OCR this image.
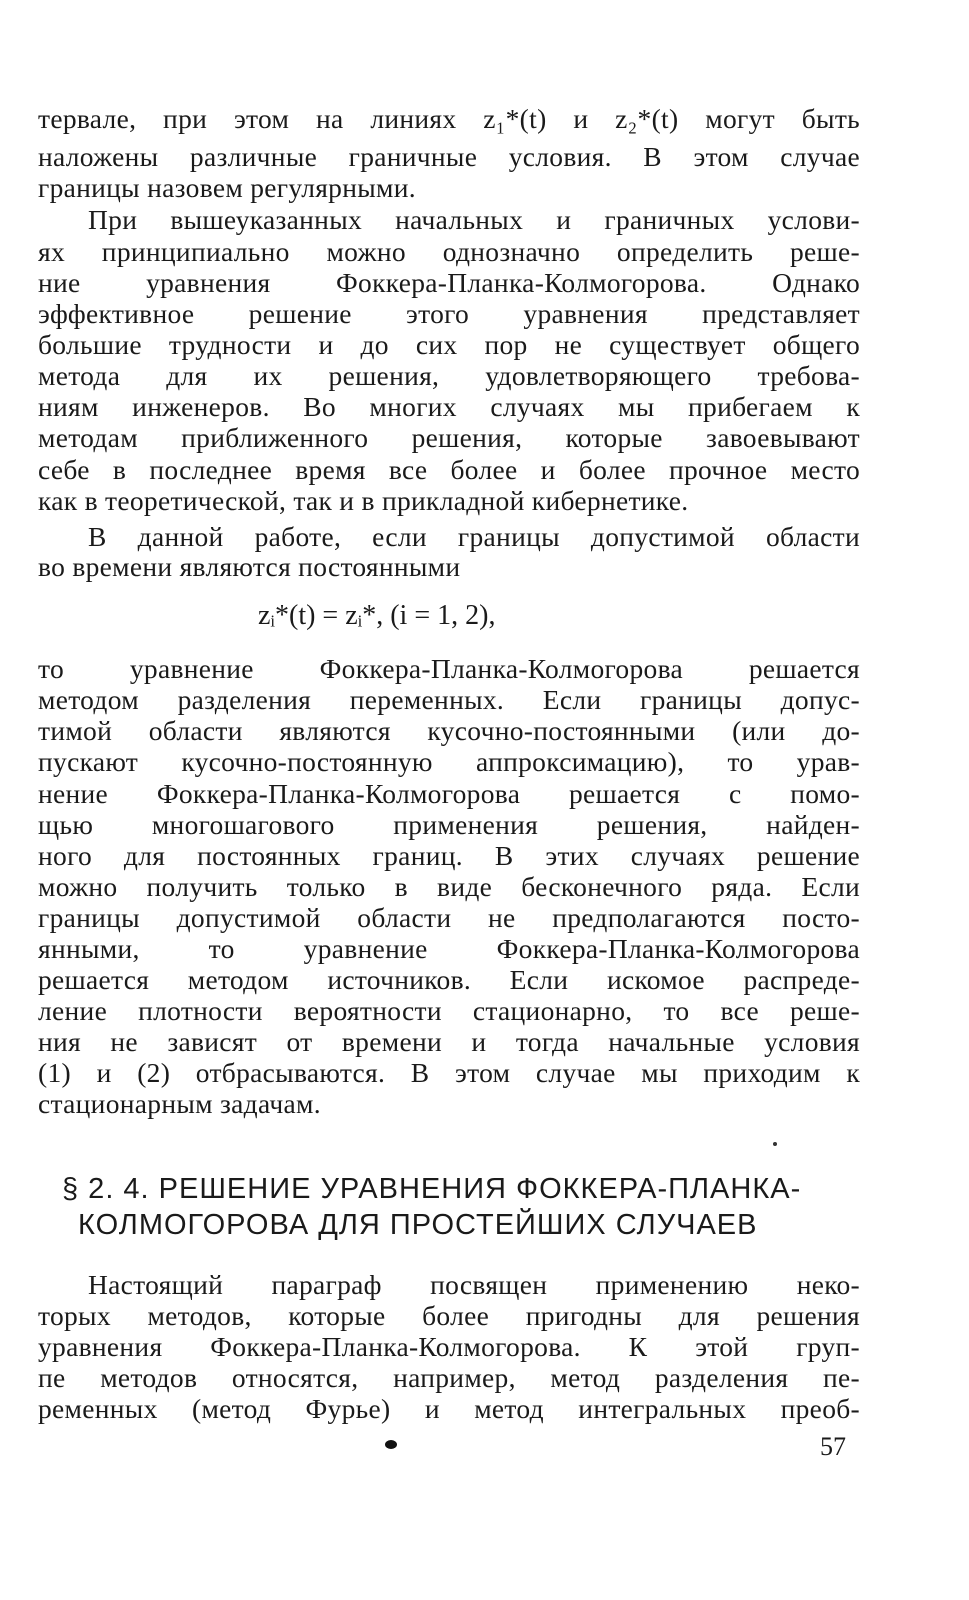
тервале, при этом на линиях z₁*(t) и z₂*(t) могут быть
наложены различные граничные условия. В этом случае
границы назовем регулярными.
При вышеуказанных начальных и граничных услови-
ях принципиально можно однозначно определить реше-
ние уравнения Фоккера-Планка-Колмогорова. Однако
эффективное решение этого уравнения представляет
большие трудности и до сих пор не существует общего
метода для их решения, удовлетворяющего требова-
ниям инженеров. Во многих случаях мы прибегаем к
методам приближенного решения, которые завоевывают
себе в последнее время все более и более прочное место
как в теоретической, так и в прикладной кибернетике.
В данной работе, если границы допустимой области
во времени являются постоянными
zᵢ*(t) = zᵢ*, (i = 1, 2),
то уравнение Фоккера-Планка-Колмогорова решается
методом разделения переменных. Если границы допус-
тимой области являются кусочно-постоянными (или до-
пускают кусочно-постоянную аппроксимацию), то урав-
нение Фоккера-Планка-Колмогорова решается с помо-
щью многошагового применения решения, найден-
ного для постоянных границ. В этих случаях решение
можно получить только в виде бесконечного ряда. Если
границы допустимой области не предполагаются посто-
янными, то уравнение Фоккера-Планка-Колмогорова
решается методом источников. Если искомое распреде-
ление плотности вероятности стационарно, то все реше-
ния не зависят от времени и тогда начальные условия
(1) и (2) отбрасываются. В этом случае мы приходим к
стационарным задачам.
§ 2. 4. РЕШЕНИЕ УРАВНЕНИЯ ФОККЕРА-ПЛАНКА-
КОЛМОГОРОВА ДЛЯ ПРОСТЕЙШИХ СЛУЧАЕВ
Настоящий параграф посвящен применению неко-
торых методов, которые более пригодны для решения
уравнения Фоккера-Планка-Колмогорова. К этой груп-
пе методов относятся, например, метод разделения пе-
ременных (метод Фурье) и метод интегральных преоб-
57
